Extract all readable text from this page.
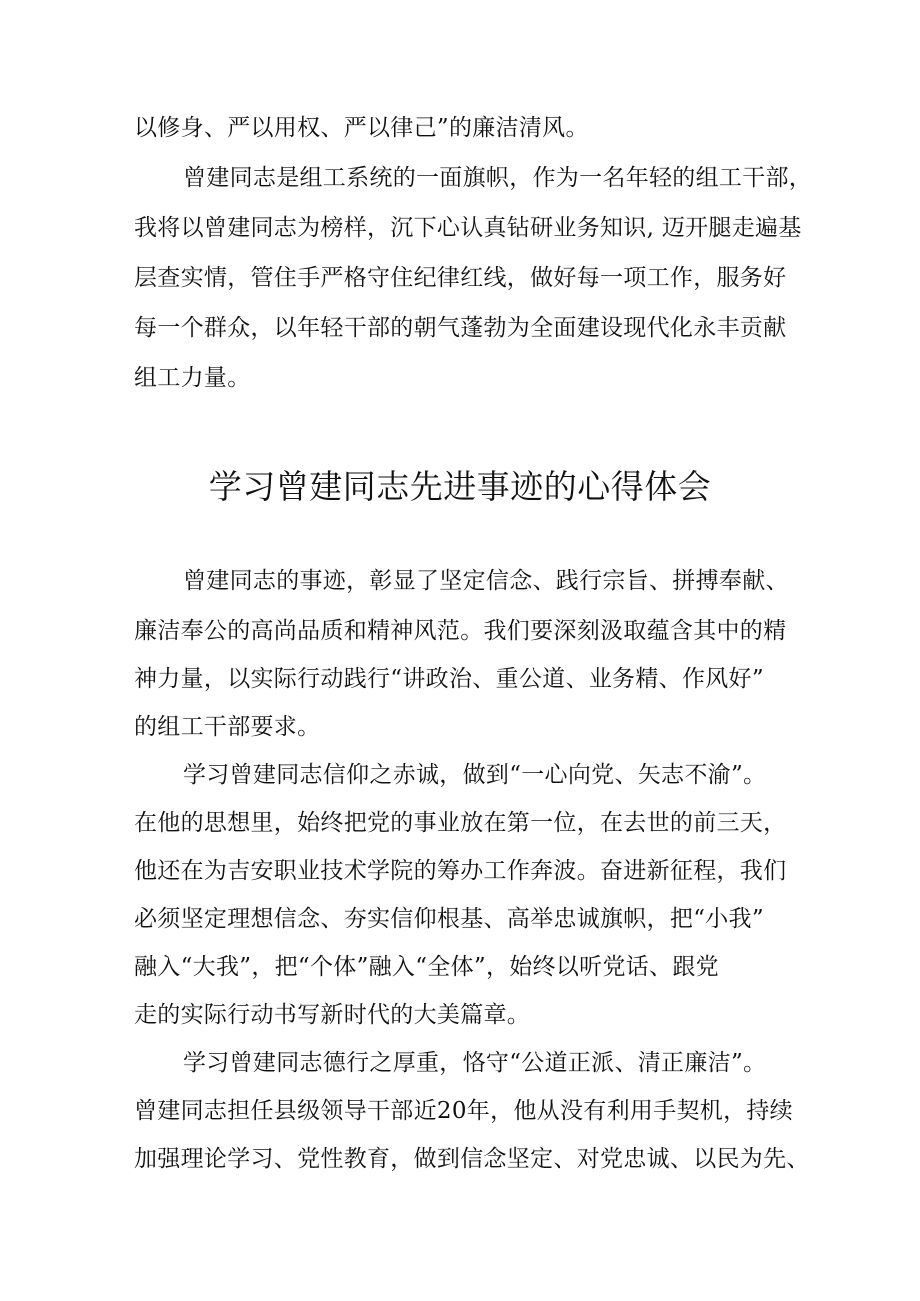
以修身、严以用权、严以律己”的廉洁清风。
曾建同志是组工系统的一面旗帜，作为一名年轻的组工干部，
我将以曾建同志为榜样，沉下心认真钻研业务知识, 迈开腿走遍基
层查实情，管住手严格守住纪律红线，做好每一项工作，服务好
每一个群众，以年轻干部的朝气蓬勃为全面建设现代化永丰贡献
组工力量。
学习曾建同志先进事迹的心得体会
曾建同志的事迹，彰显了坚定信念、践行宗旨、拼搏奉献、
廉洁奉公的高尚品质和精神风范。我们要深刻汲取蕴含其中的精
神力量，以实际行动践行“讲政治、重公道、业务精、作风好”
的组工干部要求。
学习曾建同志信仰之赤诚，做到“一心向党、矢志不渝”。
在他的思想里，始终把党的事业放在第一位，在去世的前三天，
他还在为吉安职业技术学院的筹办工作奔波。奋进新征程，我们
必须坚定理想信念、夯实信仰根基、高举忠诚旗帜，把“小我”
融入“大我”，把“个体”融入“全体”，始终以听党话、跟党
走的实际行动书写新时代的大美篇章。
学习曾建同志德行之厚重，恪守“公道正派、清正廉洁”。
曾建同志担任县级领导干部近20年，他从没有利用手契机，持续
加强理论学习、党性教育，做到信念坚定、对党忠诚、以民为先、
